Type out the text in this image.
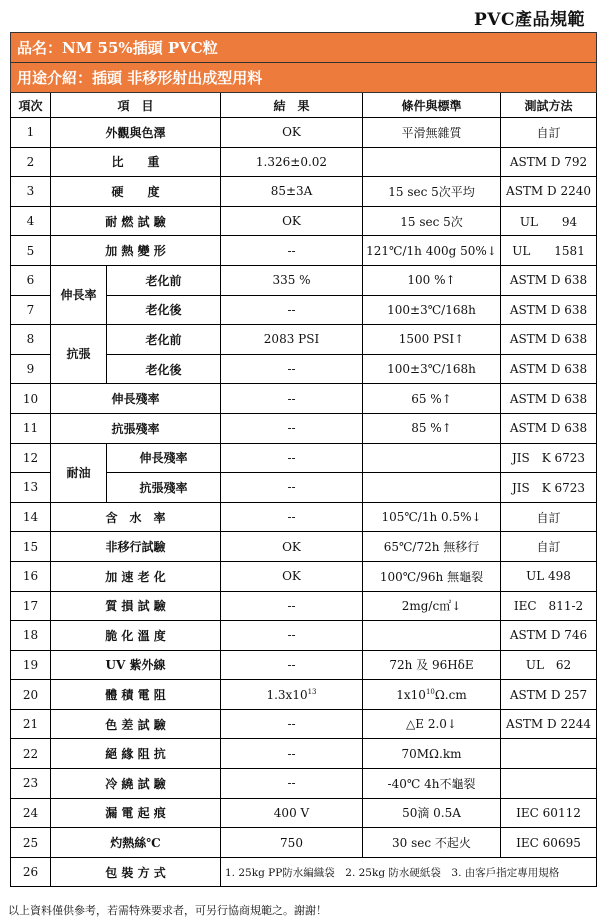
PVC產品規範
品名：NM 55%插頭 PVC粒					
用途介紹：插頭 非移形射出成型用料					
項次	項　目		結　果	條件與標準	測試方法
1	外觀與色澤		OK	平滑無雜質	自訂
2	比　　重		1.326±0.02		ASTM D 792
3	硬　　度		85±3A	15 sec 5次平均	ASTM D 2240
4	耐 燃 試 驗		OK	15 sec 5次	UL　　94
5	加 熱 變 形		--	121℃/1h 400g 50%↓	UL　　1581
6	伸長率	老化前	335 %	100 %↑	ASTM D 638
7		老化後	--	100±3℃/168h	ASTM D 638
8	抗張	老化前	2083 PSI	1500 PSI↑	ASTM D 638
9		老化後	--	100±3℃/168h	ASTM D 638
10	伸長殘率		--	65 %↑	ASTM D 638
11	抗張殘率		--	85 %↑	ASTM D 638
12	耐油	伸長殘率	--		JIS　K 6723
13		抗張殘率	--		JIS　K 6723
14	含　水　率		--	105℃/1h 0.5%↓	自訂
15	非移行試驗		OK	65℃/72h 無移行	自訂
16	加 速 老 化		OK	100℃/96h 無龜裂	UL 498
17	質 損 試 驗		--	2mg/c㎡↓	IEC　811-2
18	脆 化 溫 度		--		ASTM D 746
19	UV 紫外線		--	72h 及 96HδE	UL　62
20	體 積 電 阻		$1.3x10^{13}$	$1x10^{10}\Omega.cm$	ASTM D 257
21	色 差 試 驗		--	△E 2.0↓	ASTM D 2244
22	絕 緣 阻 抗		--	70MΩ.km	
23	冷 繞 試 驗		--	-40℃ 4h不龜裂	
24	漏 電 起 痕		400 V	50滴 0.5A	IEC 60112
25	灼熱絲℃		750	30 sec 不起火	IEC 60695
26	包 裝 方 式		1. 25kg PP防水編織袋　2. 25kg 防水硬紙袋　3. 由客戶指定專用規格		
以上資料僅供參考，若需特殊要求者，可另行協商規範之。謝謝！
